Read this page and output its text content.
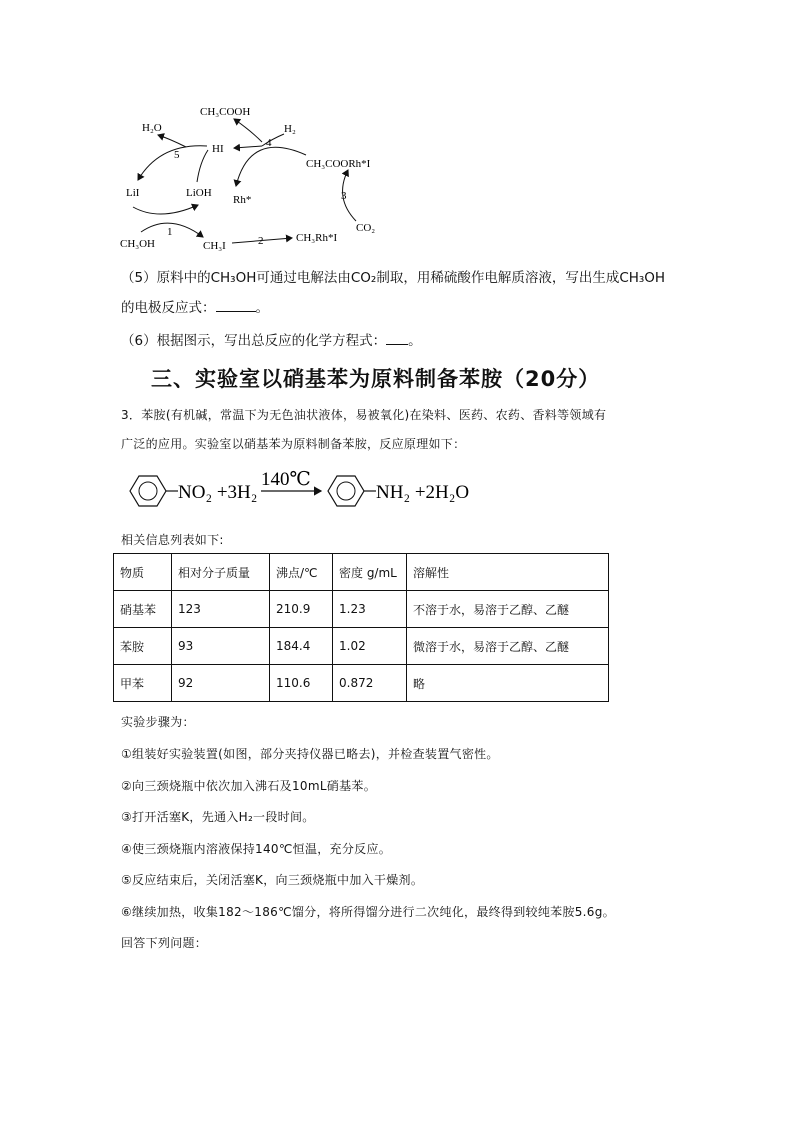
CH₃COOH
H₂O
HI
H₂
CH₃COORh*I
LiI	LiOH
Rh*
CH₃OH	CH₃I
CH₃Rh*I
CO₂
1
2
3
4
5
（5）原料中的CH₃OH可通过电解法由CO₂制取，用稀硫酸作电解质溶液，写出生成CH₃OH
的电极反应式：	。
（6）根据图示，写出总反应的化学方程式： 。
三、实验室以硝基苯为原料制备苯胺（20分）
3．苯胺(有机碱，常温下为无色油状液体，易被氧化)在染料、医药、农药、香料等领域有
广泛的应用。实验室以硝基苯为原料制备苯胺，反应原理如下：
NO₂ +3H₂
140℃
NH₂ +2H₂O
相关信息列表如下:
物质	相对分子质量	沸点/℃	密度 g/mL	溶解性
硝基苯	123	210.9	1.23	不溶于水，易溶于乙醇、乙醚
苯胺	93	184.4	1.02	微溶于水，易溶于乙醇、乙醚
甲苯	92	110.6	0.872	略
实验步骤为：
①组装好实验装置(如图，部分夹持仪器已略去)，并检查装置气密性。
②向三颈烧瓶中依次加入沸石及10mL硝基苯。
③打开活塞K，先通入H₂一段时间。
④使三颈烧瓶内溶液保持140℃恒温，充分反应。
⑤反应结束后，关闭活塞K，向三颈烧瓶中加入干燥剂。
⑥继续加热，收集182～186℃馏分，将所得馏分进行二次纯化，最终得到较纯苯胺5.6g。
回答下列问题：
